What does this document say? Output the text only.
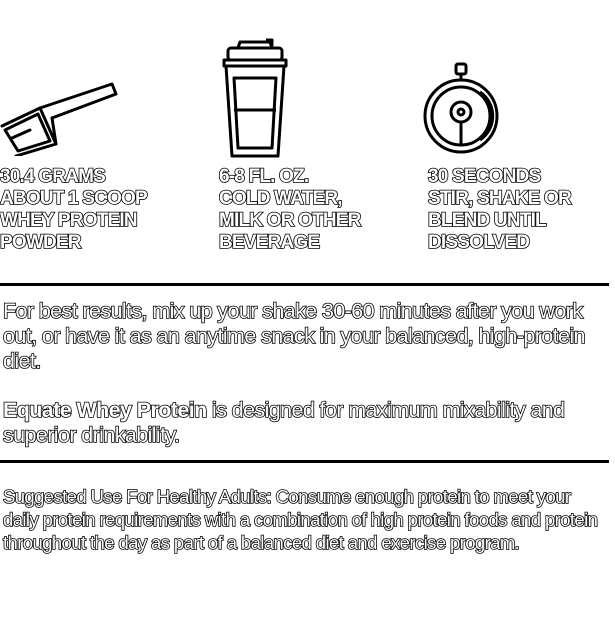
30.4 GRAMS
ABOUT 1 SCOOP
WHEY PROTEIN
POWDER
6-8 FL. OZ.
COLD WATER,
MILK OR OTHER
BEVERAGE
30 SECONDS
STIR, SHAKE OR
BLEND UNTIL
DISSOLVED
For best results, mix up your shake 30-60 minutes after you work out, or have it as an anytime snack in your balanced, high-protein diet.
Equate Whey Protein is designed for maximum mixability and superior drinkability.
Suggested Use For Healthy Adults: Consume enough protein to meet your daily protein requirements with a combination of high protein foods and protein throughout the day as part of a balanced diet and exercise program.
